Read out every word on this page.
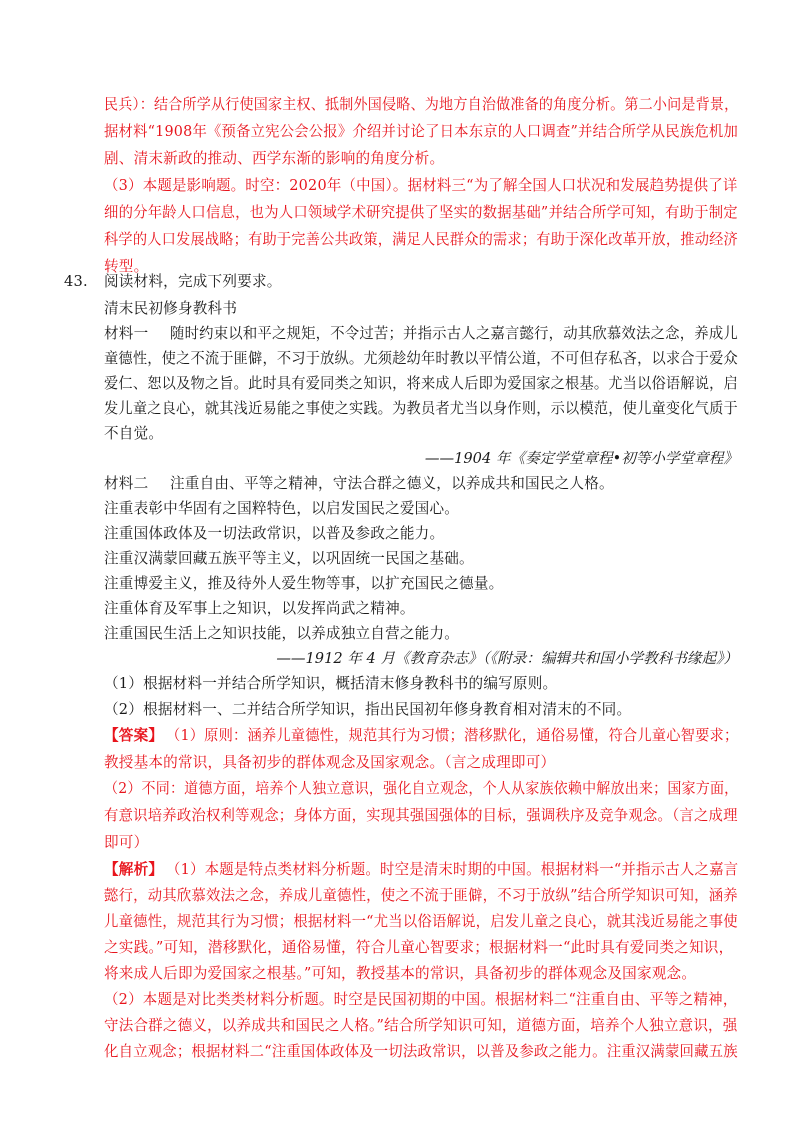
民兵）：结合所学从行使国家主权、抵制外国侵略、为地方自治做准备的角度分析。第二小问是背景，
据材料“1908年《预备立宪公会公报》介绍并讨论了日本东京的人口调查”并结合所学从民族危机加
剧、清末新政的推动、西学东渐的影响的角度分析。
（3）本题是影响题。时空：2020年（中国）。据材料三“为了解全国人口状况和发展趋势提供了详
细的分年龄人口信息，也为人口领域学术研究提供了坚实的数据基础”并结合所学可知，有助于制定
科学的人口发展战略；有助于完善公共政策，满足人民群众的需求；有助于深化改革开放，推动经济
转型。
43. 阅读材料，完成下列要求。
清末民初修身教科书
材料一 随时约束以和平之规矩，不令过苦；并指示古人之嘉言懿行，动其欣慕效法之念，养成儿
童德性，使之不流于匪僻，不习于放纵。尤须趁幼年时教以平情公道，不可但存私吝，以求合于爱众
爱仁、恕以及物之旨。此时具有爱同类之知识，将来成人后即为爱国家之根基。尤当以俗语解说，启
发儿童之良心，就其浅近易能之事使之实践。为教员者尤当以身作则，示以模范，使儿童变化气质于
不自觉。
——1904 年《奏定学堂章程•初等小学堂章程》
材料二 注重自由、平等之精神，守法合群之德义，以养成共和国民之人格。
注重表彰中华固有之国粹特色，以启发国民之爱国心。
注重国体政体及一切法政常识，以普及参政之能力。
注重汉满蒙回藏五族平等主义，以巩固统一民国之基础。
注重博爱主义，推及待外人爱生物等事，以扩充国民之德量。
注重体育及军事上之知识，以发挥尚武之精神。
注重国民生活上之知识技能，以养成独立自营之能力。
——1912 年 4 月《教育杂志》（《附录：编辑共和国小学教科书缘起》）
（1）根据材料一并结合所学知识，概括清末修身教科书的编写原则。
（2）根据材料一、二并结合所学知识，指出民国初年修身教育相对清末的不同。
【答案】 （1）原则：涵养儿童德性，规范其行为习惯；潜移默化，通俗易懂，符合儿童心智要求；
教授基本的常识，具备初步的群体观念及国家观念。（言之成理即可）
（2）不同：道德方面，培养个人独立意识，强化自立观念，个人从家族依赖中解放出来；国家方面，
有意识培养政治权利等观念；身体方面，实现其强国强体的目标，强调秩序及竞争观念。（言之成理
即可）
【解析】 （1）本题是特点类材料分析题。时空是清末时期的中国。根据材料一“并指示古人之嘉言
懿行，动其欣慕效法之念，养成儿童德性，使之不流于匪僻，不习于放纵”结合所学知识可知，涵养
儿童德性，规范其行为习惯；根据材料一“尤当以俗语解说，启发儿童之良心，就其浅近易能之事使
之实践。”可知，潜移默化，通俗易懂，符合儿童心智要求；根据材料一“此时具有爱同类之知识，
将来成人后即为爱国家之根基。”可知，教授基本的常识，具备初步的群体观念及国家观念。
（2）本题是对比类类材料分析题。时空是民国初期的中国。根据材料二“注重自由、平等之精神，
守法合群之德义，以养成共和国民之人格。”结合所学知识可知，道德方面，培养个人独立意识，强
化自立观念；根据材料二“注重国体政体及一切法政常识，以普及参政之能力。注重汉满蒙回藏五族
